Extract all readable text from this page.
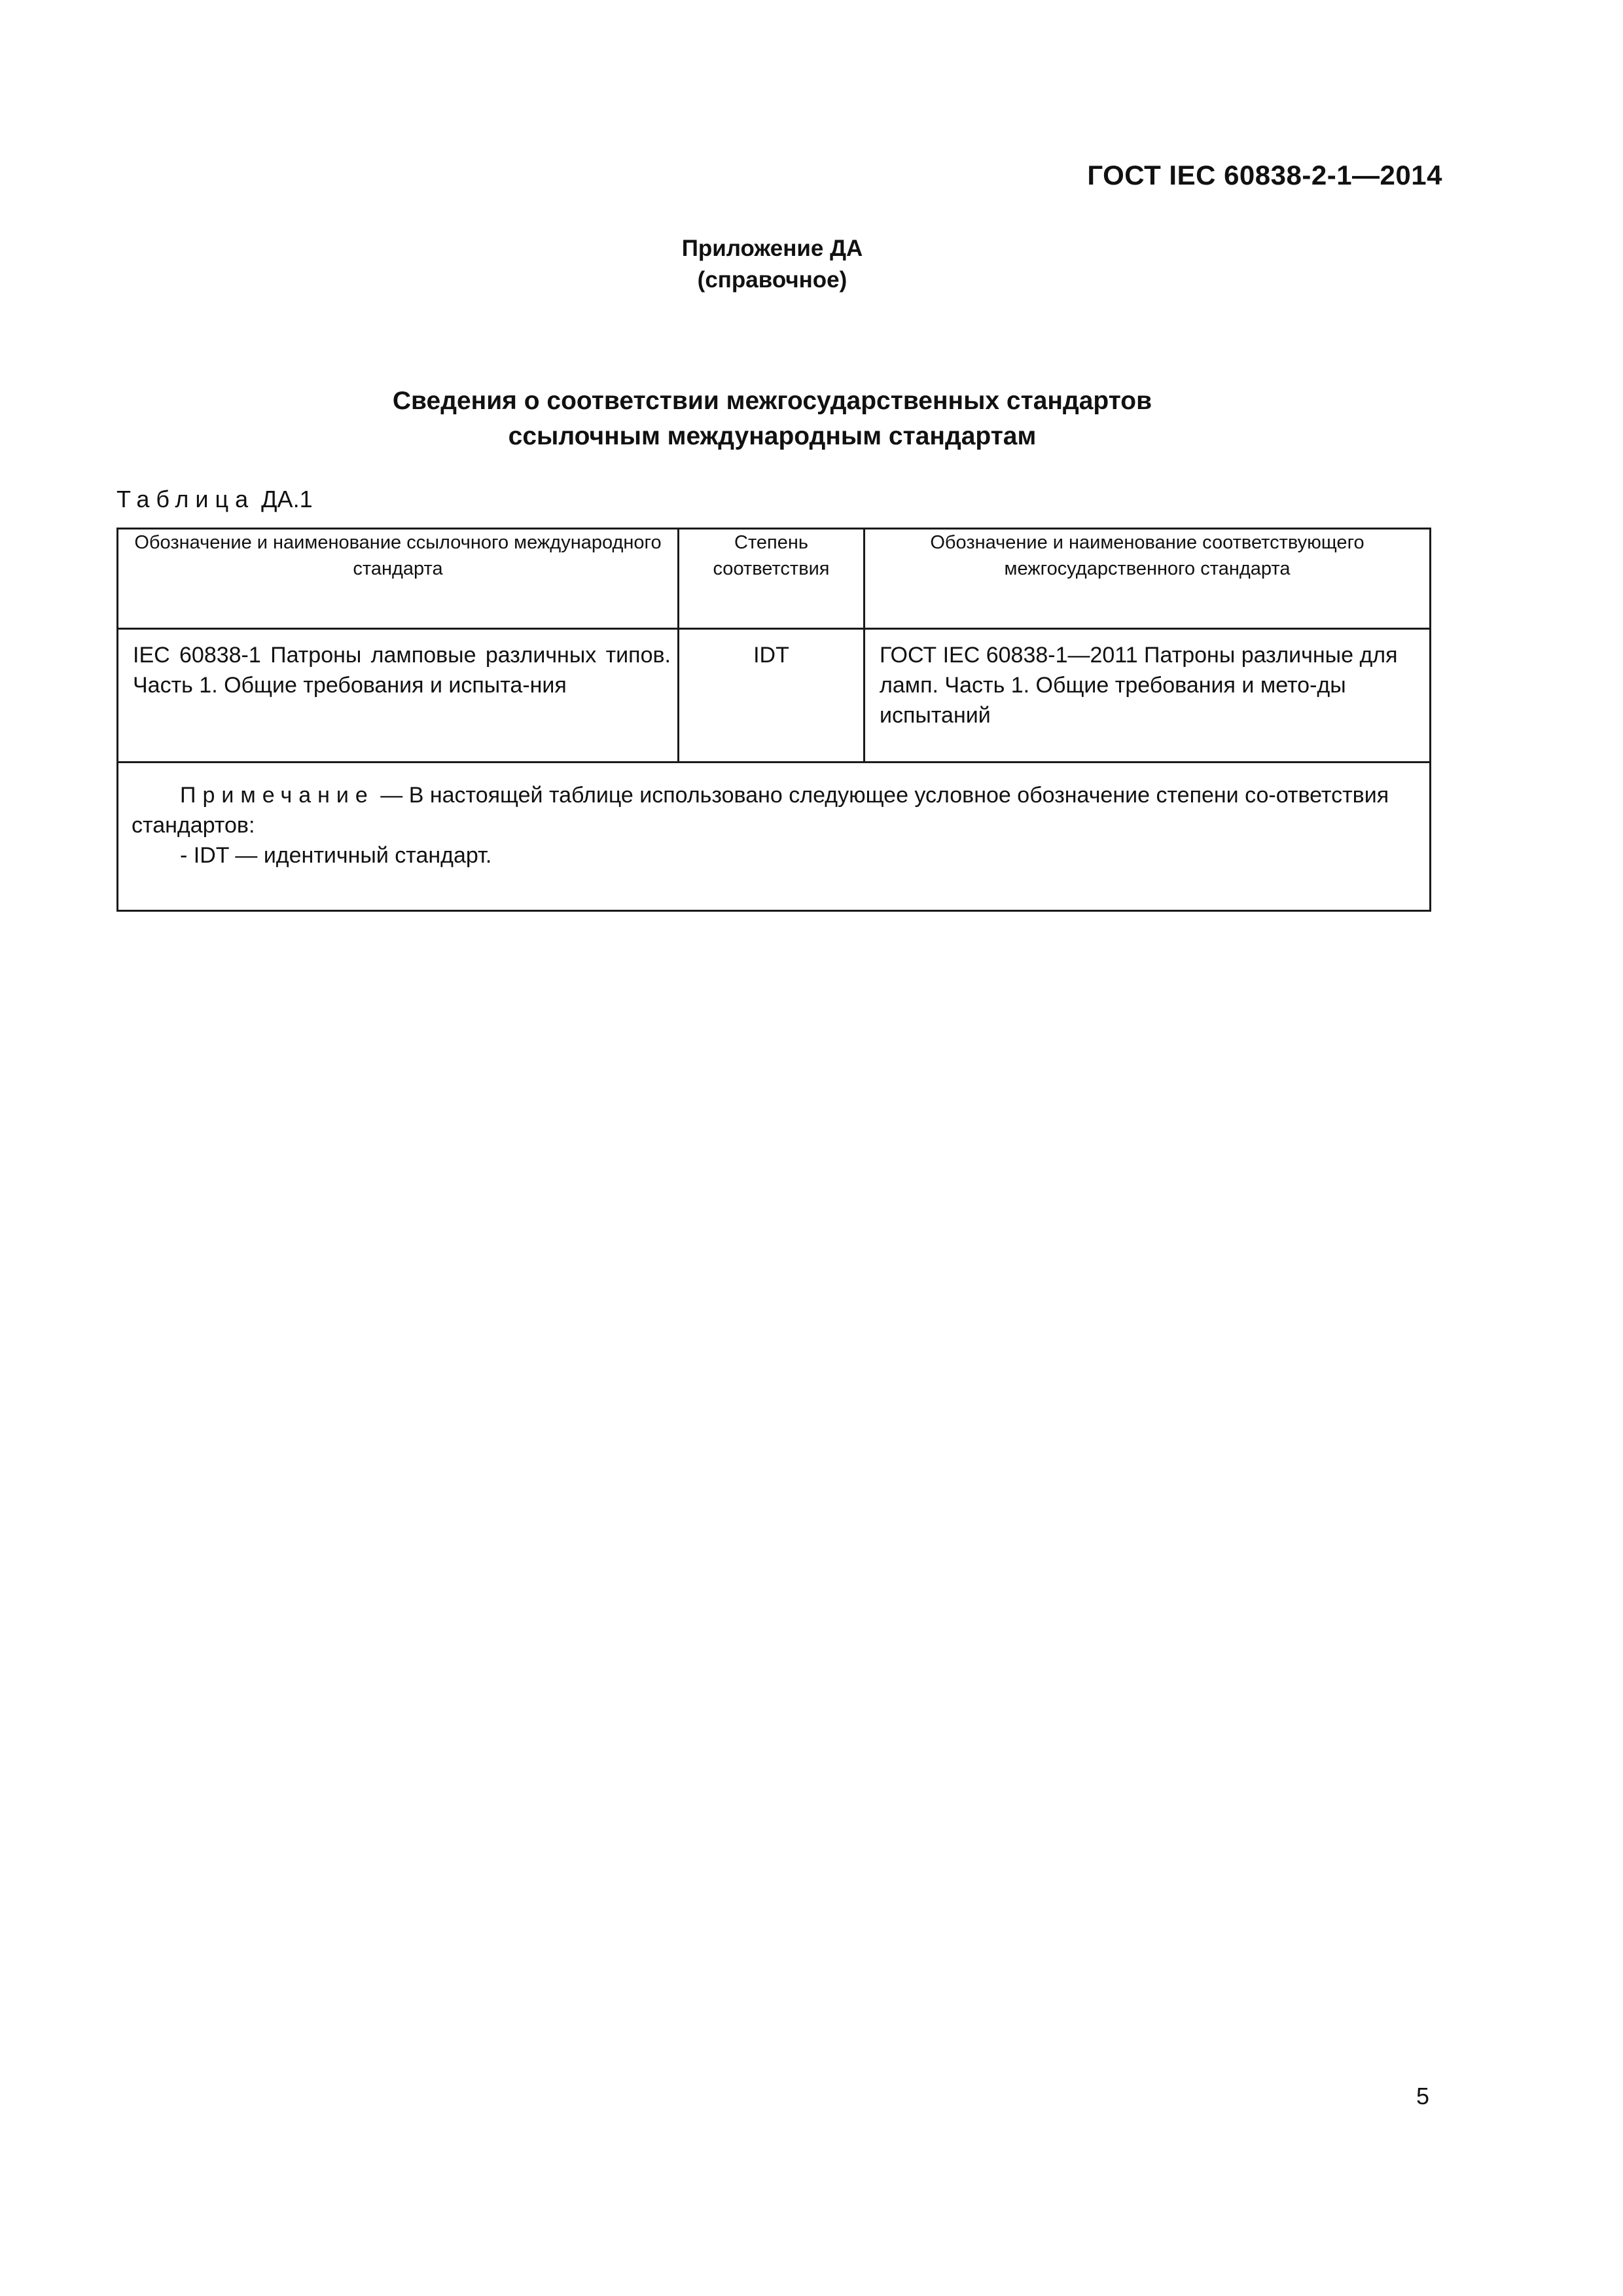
ГОСТ IEC 60838-2-1—2014
Приложение ДА
(справочное)
Сведения о соответствии межгосударственных стандартов
ссылочным международным стандартам
Таблица ДА.1
Обозначение и наименование ссылочного международного стандарта	Степень соответствия	Обозначение и наименование соответствующего межгосударственного стандарта
IEC 60838-1 Патроны ламповые различных типов. Часть 1. Общие требования и испыта-ния	IDT	ГОСТ IEC 60838-1—2011 Патроны различные для ламп. Часть 1. Общие требования и мето-ды испытаний

Примечание — В настоящей таблице использовано следующее условное обозначение степени со-ответствия стандартов:
- IDT — идентичный стандарт.		
5
